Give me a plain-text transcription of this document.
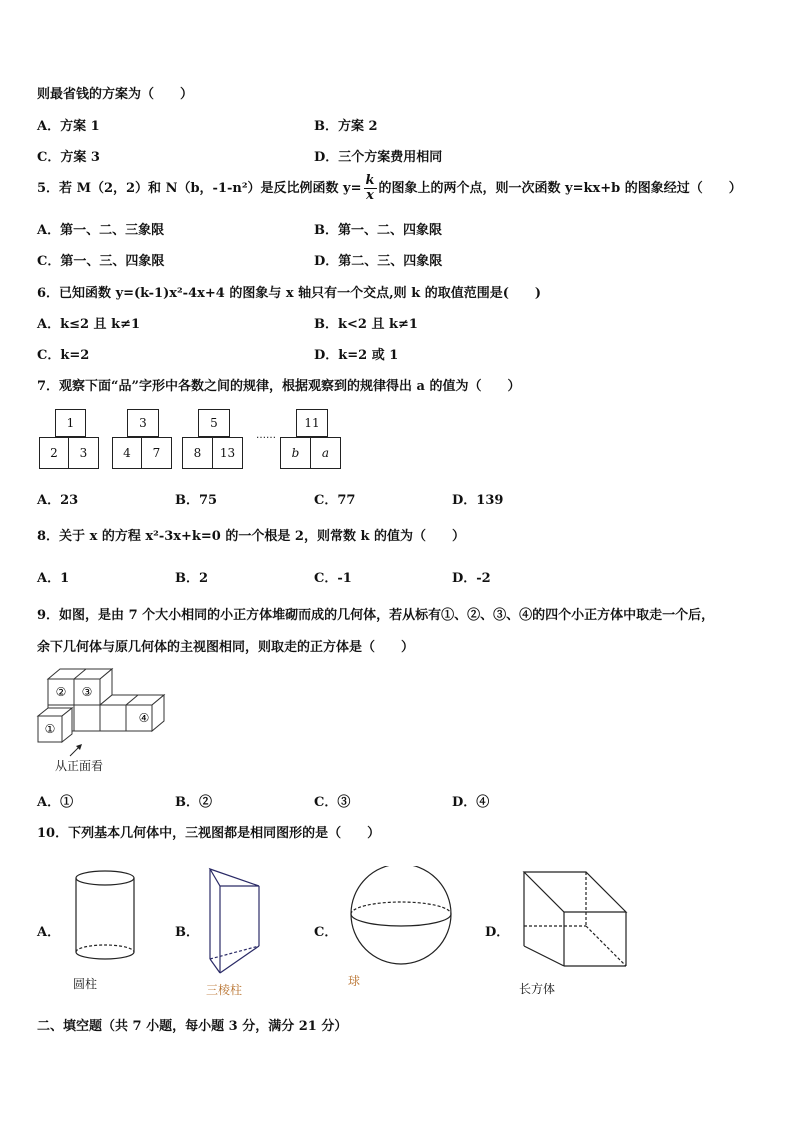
则最省钱的方案为（　　）
A．方案 1	B．方案 2
C．方案 3	D．三个方案费用相同
5．若 M（2，2）和 N（b，-1-n²）是反比例函数 $y= \frac{k}{x}$ 的图象上的两个点，则一次函数 y=kx+b 的图象经过（　　）
A．第一、二、三象限	B．第一、二、四象限
C．第一、三、四象限	D．第二、三、四象限
6．已知函数 y=(k-1)x²-4x+4 的图象与 x 轴只有一个交点,则 k 的取值范围是(　　)
A．k≤2 且 k≠1	B．k<2 且 k≠1
C．k=2	D．k=2 或 1
7．观察下面“品”字形中各数之间的规律，根据观察到的规律得出 a 的值为（　　）
1
2	3
3
4	7
5
8	13
……
11
b	a
A．23	B．75	C．77	D．139
8．关于 x 的方程 x²-3x+k=0 的一个根是 2，则常数 k 的值为（　　）
A．1	B．2	C．-1	D．-2
9．如图，是由 7 个大小相同的小正方体堆砌而成的几何体，若从标有①、②、③、④的四个小正方体中取走一个后，
余下几何体与原几何体的主视图相同，则取走的正方体是（　　）
② ③
①
④
从正面看
A．①	B．②	C．③	D．④
10．下列基本几何体中，三视图都是相同图形的是（　　）
A．	B．	C．	D．
圆柱	三棱柱
球
长方体
二、填空题（共 7 小题，每小题 3 分，满分 21 分）
